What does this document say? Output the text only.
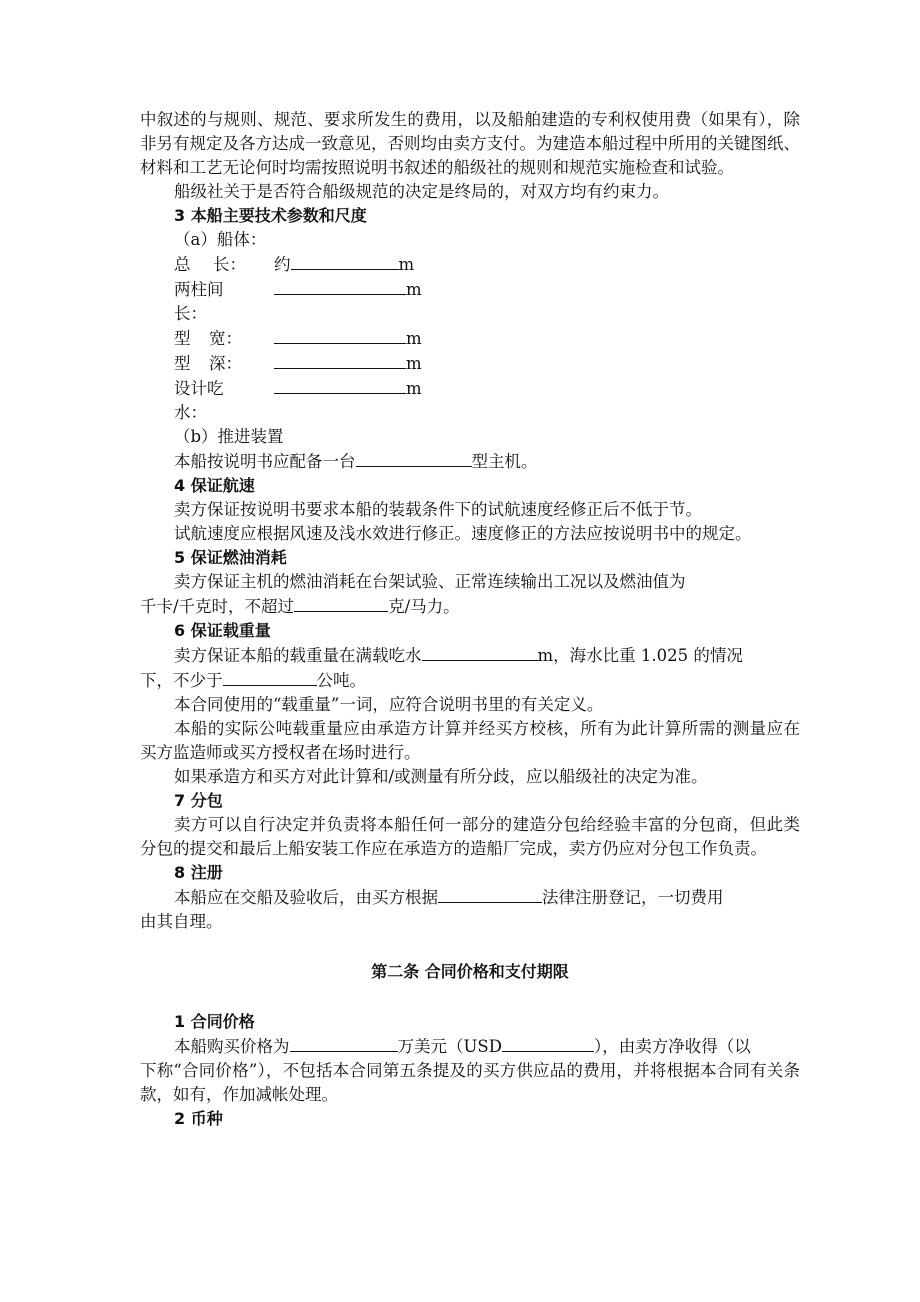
中叙述的与规则、规范、要求所发生的费用，以及船舶建造的专利权使用费（如果有），除非另有规定及各方达成一致意见，否则均由卖方支付。为建造本船过程中所用的关键图纸、材料和工艺无论何时均需按照说明书叙述的船级社的规则和规范实施检查和试验。

船级社关于是否符合船级规范的决定是终局的，对双方均有约束力。

3 本船主要技术参数和尺度

（a）船体：

总 长： 约	m
两柱间长：
m
型 宽：	m
型 深：	m
设计吃水：
m

（b）推进装置

本船按说明书应配备一台	型主机。

4 保证航速

卖方保证按说明书要求本船的装载条件下的试航速度经修正后不低于节。

试航速度应根据风速及浅水效进行修正。速度修正的方法应按说明书中的规定。

5 保证燃油消耗

卖方保证主机的燃油消耗在台架试验、正常连续输出工况以及燃油值为

千卡/千克时，不超过	克/马力。

6 保证载重量

卖方保证本船的载重量在满载吃水	m，海水比重 1.025 的情况

下，不少于	公吨。

本合同使用的“载重量”一词，应符合说明书里的有关定义。

本船的实际公吨载重量应由承造方计算并经买方校核，所有为此计算所需的测量应在买方监造师或买方授权者在场时进行。

如果承造方和买方对此计算和/或测量有所分歧，应以船级社的决定为准。

7 分包

卖方可以自行决定并负责将本船任何一部分的建造分包给经验丰富的分包商，但此类分包的提交和最后上船安装工作应在承造方的造船厂完成，卖方仍应对分包工作负责。

8 注册

本船应在交船及验收后，由买方根据	法律注册登记，一切费用

由其自理。

第二条 合同价格和支付期限

1 合同价格

本船购买价格为	万美元（USD	），由卖方净收得（以

下称“合同价格”），不包括本合同第五条提及的买方供应品的费用，并将根据本合同有关条款，如有，作加减帐处理。

2 币种
